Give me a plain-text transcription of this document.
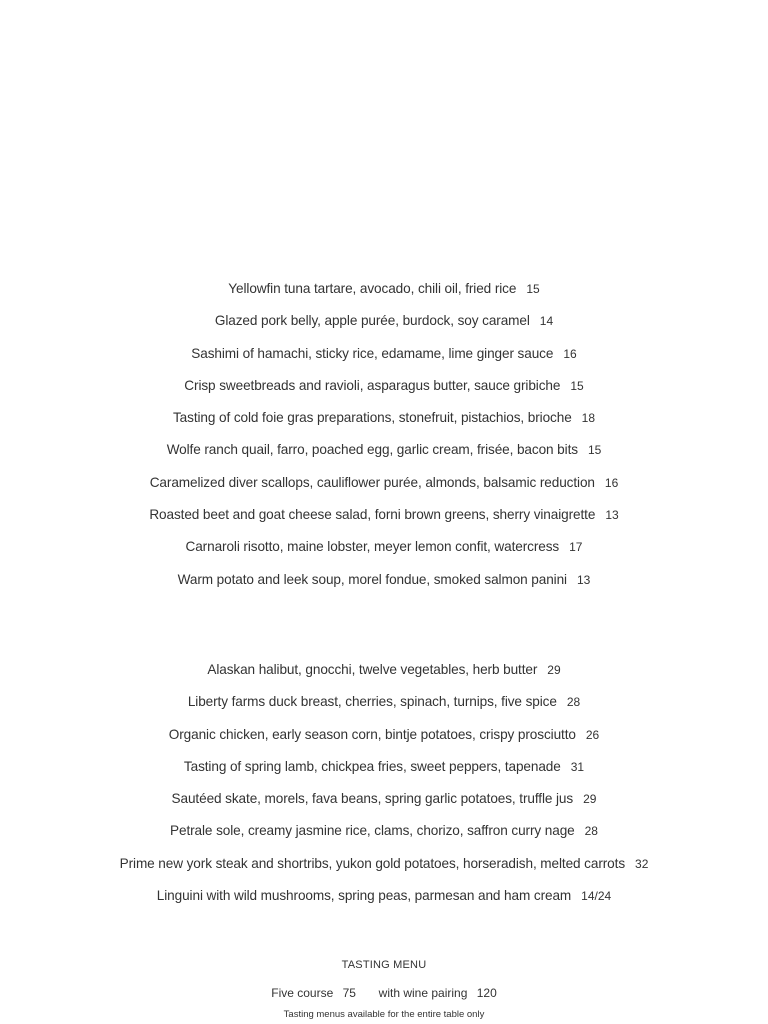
Yellowfin tuna tartare, avocado, chili oil, fried rice 15
Glazed pork belly, apple purée, burdock, soy caramel 14
Sashimi of hamachi, sticky rice, edamame, lime ginger sauce 16
Crisp sweetbreads and ravioli, asparagus butter, sauce gribiche 15
Tasting of cold foie gras preparations, stonefruit, pistachios, brioche 18
Wolfe ranch quail, farro, poached egg, garlic cream, frisée, bacon bits 15
Caramelized diver scallops, cauliflower purée, almonds, balsamic reduction 16
Roasted beet and goat cheese salad, forni brown greens, sherry vinaigrette 13
Carnaroli risotto, maine lobster, meyer lemon confit, watercress 17
Warm potato and leek soup, morel fondue, smoked salmon panini 13
Alaskan halibut, gnocchi, twelve vegetables, herb butter 29
Liberty farms duck breast, cherries, spinach, turnips, five spice 28
Organic chicken, early season corn, bintje potatoes, crispy prosciutto 26
Tasting of spring lamb, chickpea fries, sweet peppers, tapenade 31
Sautéed skate, morels, fava beans, spring garlic potatoes, truffle jus 29
Petrale sole, creamy jasmine rice, clams, chorizo, saffron curry nage 28
Prime new york steak and shortribs, yukon gold potatoes, horseradish, melted carrots 32
Linguini with wild mushrooms, spring peas, parmesan and ham cream 14/24
TASTING MENU
Five course 75 with wine pairing 120
Tasting menus available for the entire table only
